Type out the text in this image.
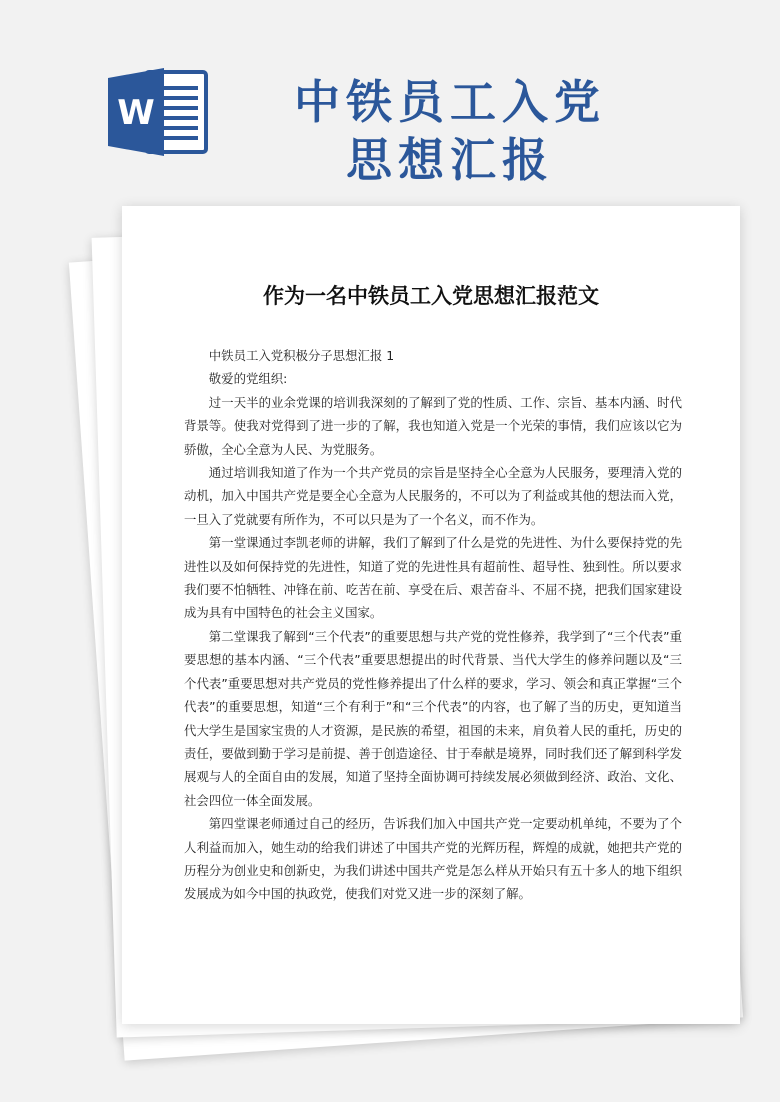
W	中铁员工入党
思想汇报
作为一名中铁员工入党思想汇报范文

中铁员工入党积极分子思想汇报 1

敬爱的党组织:

过一天半的业余党课的培训我深刻的了解到了党的性质、工作、宗旨、基本内涵、时代背景等。使我对党得到了进一步的了解，我也知道入党是一个光荣的事情，我们应该以它为骄傲，全心全意为人民、为党服务。

通过培训我知道了作为一个共产党员的宗旨是坚持全心全意为人民服务，要理清入党的动机，加入中国共产党是要全心全意为人民服务的，不可以为了利益或其他的想法而入党，一旦入了党就要有所作为，不可以只是为了一个名义，而不作为。

第一堂课通过李凯老师的讲解，我们了解到了什么是党的先进性、为什么要保持党的先进性以及如何保持党的先进性，知道了党的先进性具有超前性、超导性、独到性。所以要求我们要不怕牺牲、冲锋在前、吃苦在前、享受在后、艰苦奋斗、不屈不挠，把我们国家建设成为具有中国特色的社会主义国家。

第二堂课我了解到“三个代表”的重要思想与共产党的党性修养，我学到了“三个代表”重要思想的基本内涵、“三个代表”重要思想提出的时代背景、当代大学生的修养问题以及“三个代表”重要思想对共产党员的党性修养提出了什么样的要求，学习、领会和真正掌握“三个代表”的重要思想，知道“三个有利于”和“三个代表”的内容，也了解了当的历史，更知道当代大学生是国家宝贵的人才资源，是民族的希望，祖国的未来，肩负着人民的重托，历史的责任，要做到勤于学习是前提、善于创造途径、甘于奉献是境界，同时我们还了解到科学发展观与人的全面自由的发展，知道了坚持全面协调可持续发展必须做到经济、政治、文化、社会四位一体全面发展。

第四堂课老师通过自己的经历，告诉我们加入中国共产党一定要动机单纯，不要为了个人利益而加入，她生动的给我们讲述了中国共产党的光辉历程，辉煌的成就，她把共产党的历程分为创业史和创新史，为我们讲述中国共产党是怎么样从开始只有五十多人的地下组织发展成为如今中国的执政党，使我们对党又进一步的深刻了解。
